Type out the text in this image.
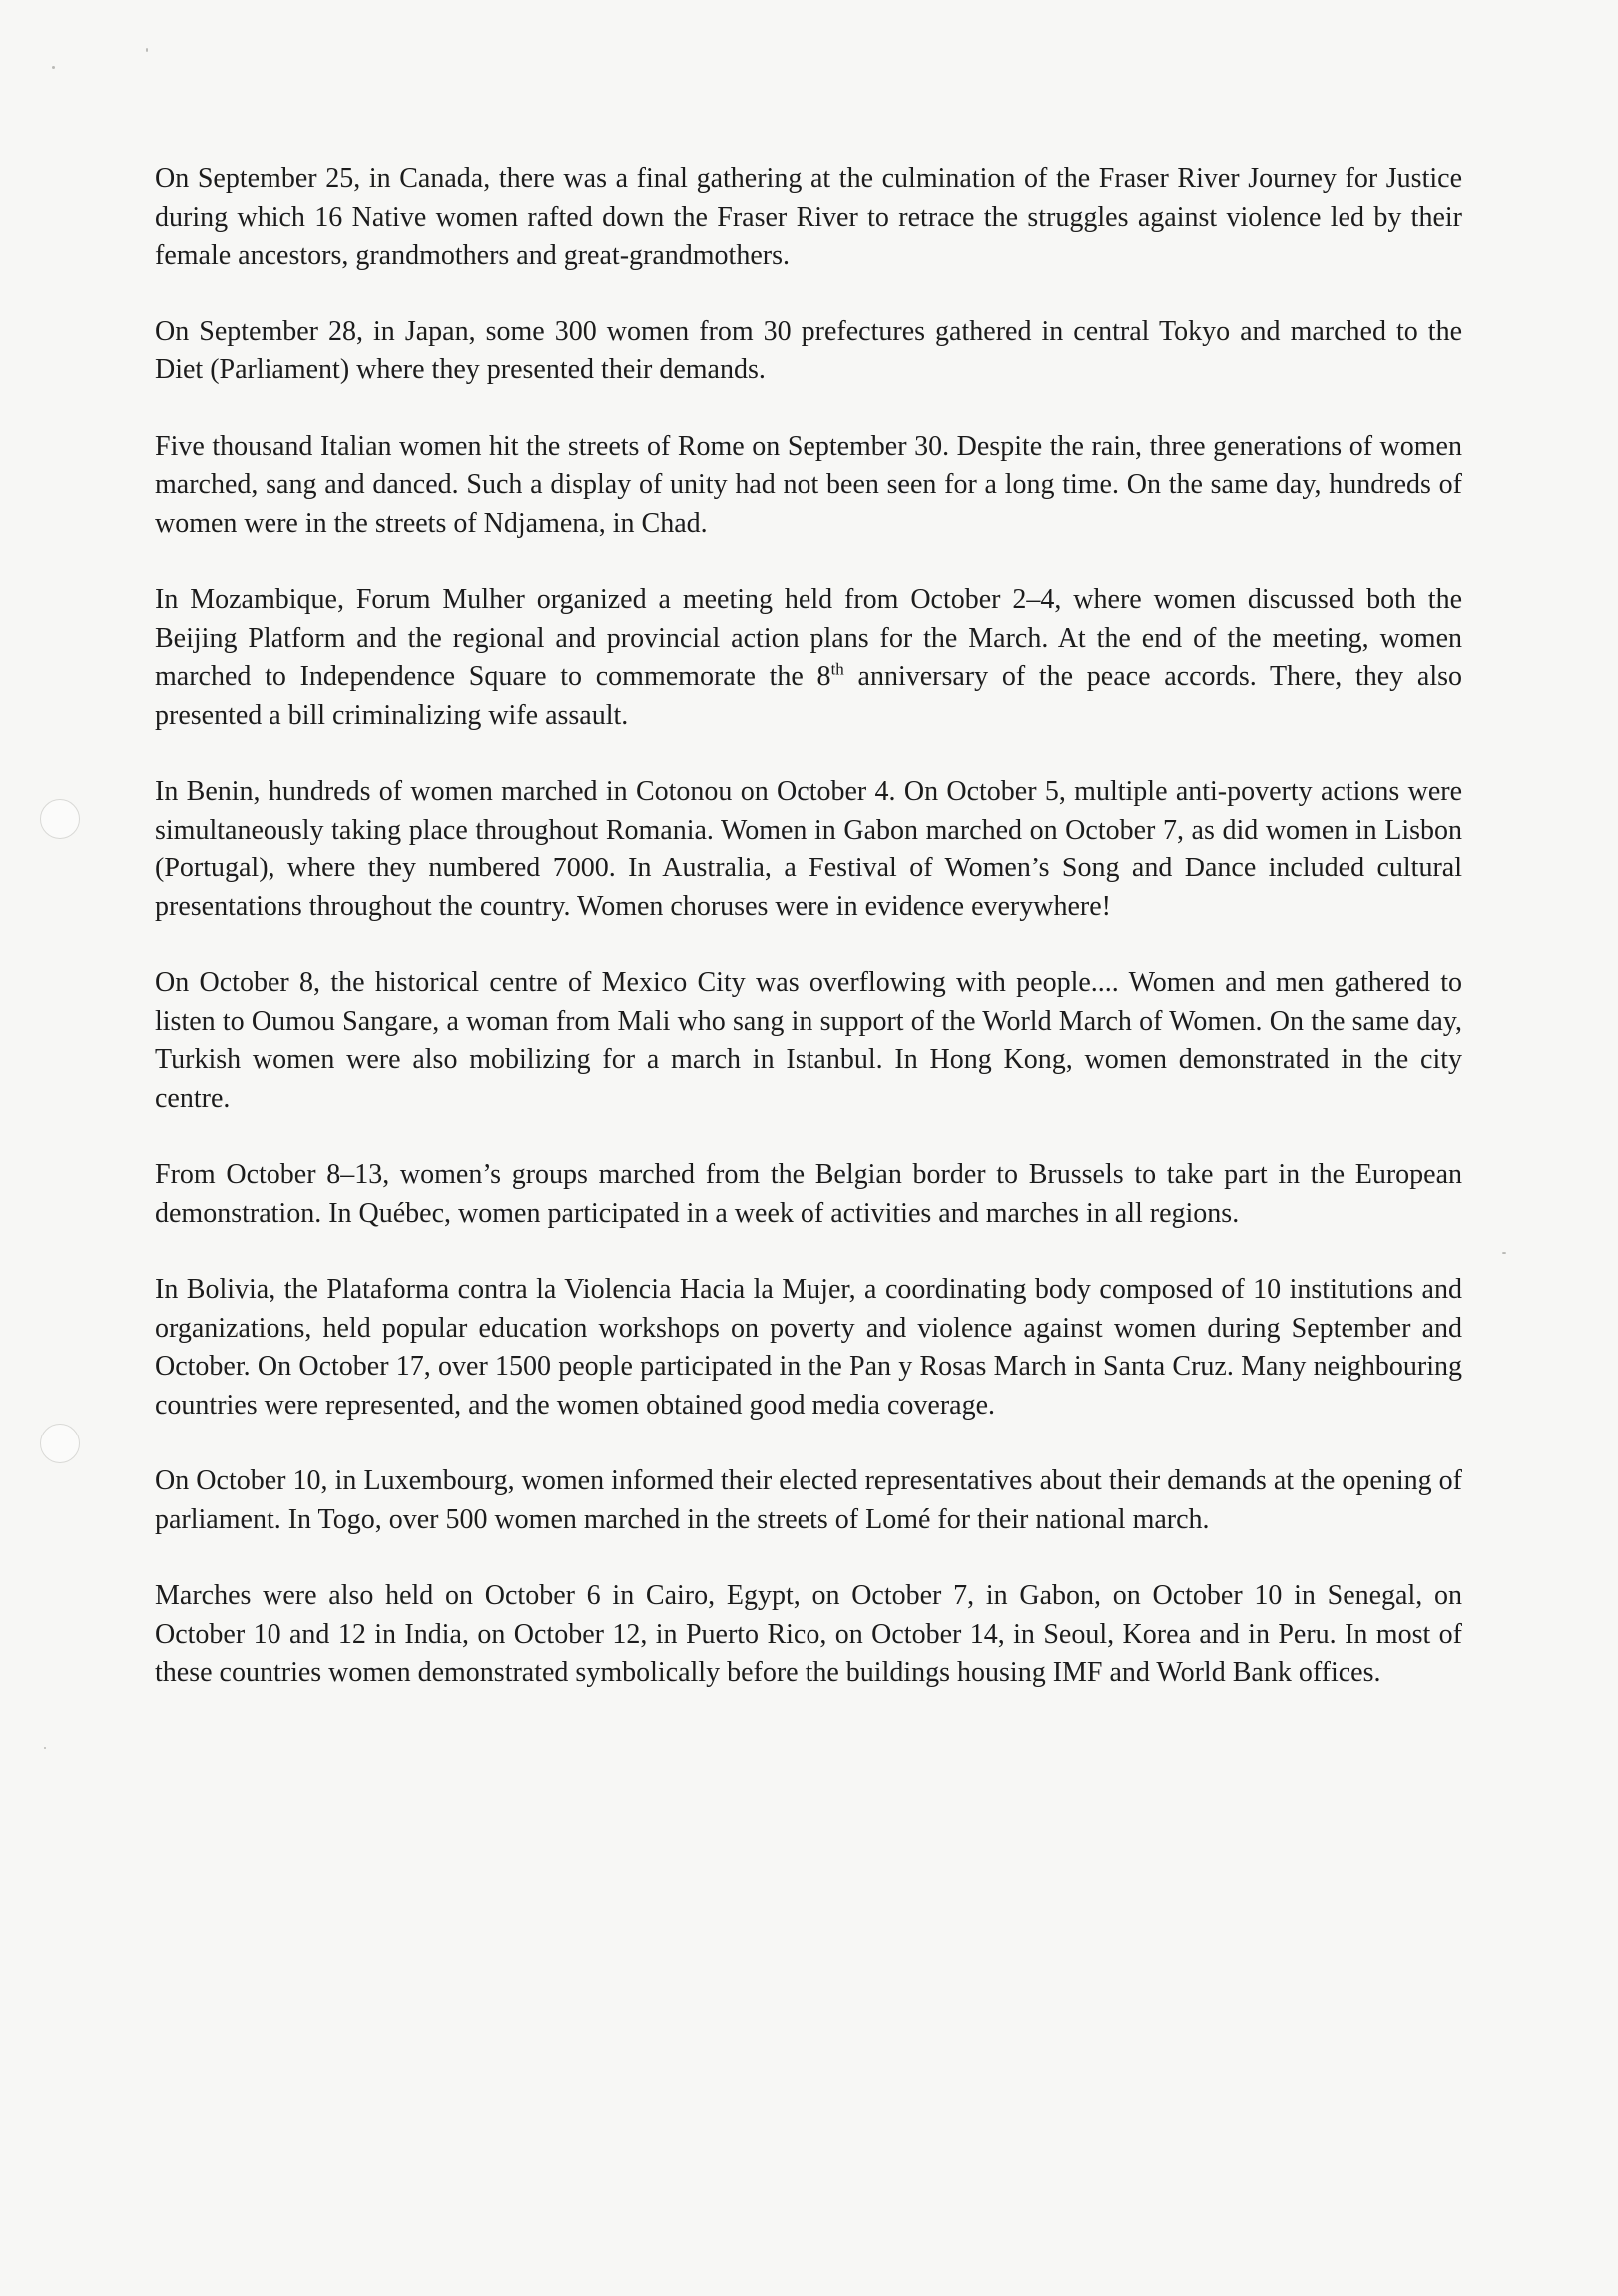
On September 25, in Canada, there was a final gathering at the culmination of the Fraser River Journey for Justice during which 16 Native women rafted down the Fraser River to retrace the struggles against violence led by their female ancestors, grandmothers and great-grandmothers.

On September 28, in Japan, some 300 women from 30 prefectures gathered in central Tokyo and marched to the Diet (Parliament) where they presented their demands.

Five thousand Italian women hit the streets of Rome on September 30. Despite the rain, three generations of women marched, sang and danced. Such a display of unity had not been seen for a long time. On the same day, hundreds of women were in the streets of Ndjamena, in Chad.

In Mozambique, Forum Mulher organized a meeting held from October 2–4, where women discussed both the Beijing Platform and the regional and provincial action plans for the March. At the end of the meeting, women marched to Independence Square to commemorate the 8th anniversary of the peace accords. There, they also presented a bill criminalizing wife assault.

In Benin, hundreds of women marched in Cotonou on October 4. On October 5, multiple anti-poverty actions were simultaneously taking place throughout Romania. Women in Gabon marched on October 7, as did women in Lisbon (Portugal), where they numbered 7000. In Australia, a Festival of Women’s Song and Dance included cultural presentations throughout the country. Women choruses were in evidence everywhere!

On October 8, the historical centre of Mexico City was overflowing with people.... Women and men gathered to listen to Oumou Sangare, a woman from Mali who sang in support of the World March of Women. On the same day, Turkish women were also mobilizing for a march in Istanbul. In Hong Kong, women demonstrated in the city centre.

From October 8–13, women’s groups marched from the Belgian border to Brussels to take part in the European demonstration. In Québec, women participated in a week of activities and marches in all regions.

In Bolivia, the Plataforma contra la Violencia Hacia la Mujer, a coordinating body composed of 10 institutions and organizations, held popular education workshops on poverty and violence against women during September and October. On October 17, over 1500 people participated in the Pan y Rosas March in Santa Cruz. Many neighbouring countries were represented, and the women obtained good media coverage.

On October 10, in Luxembourg, women informed their elected representatives about their demands at the opening of parliament. In Togo, over 500 women marched in the streets of Lomé for their national march.

Marches were also held on October 6 in Cairo, Egypt, on October 7, in Gabon, on October 10 in Senegal, on October 10 and 12 in India, on October 12, in Puerto Rico, on October 14, in Seoul, Korea and in Peru. In most of these countries women demonstrated symbolically before the buildings housing IMF and World Bank offices.
